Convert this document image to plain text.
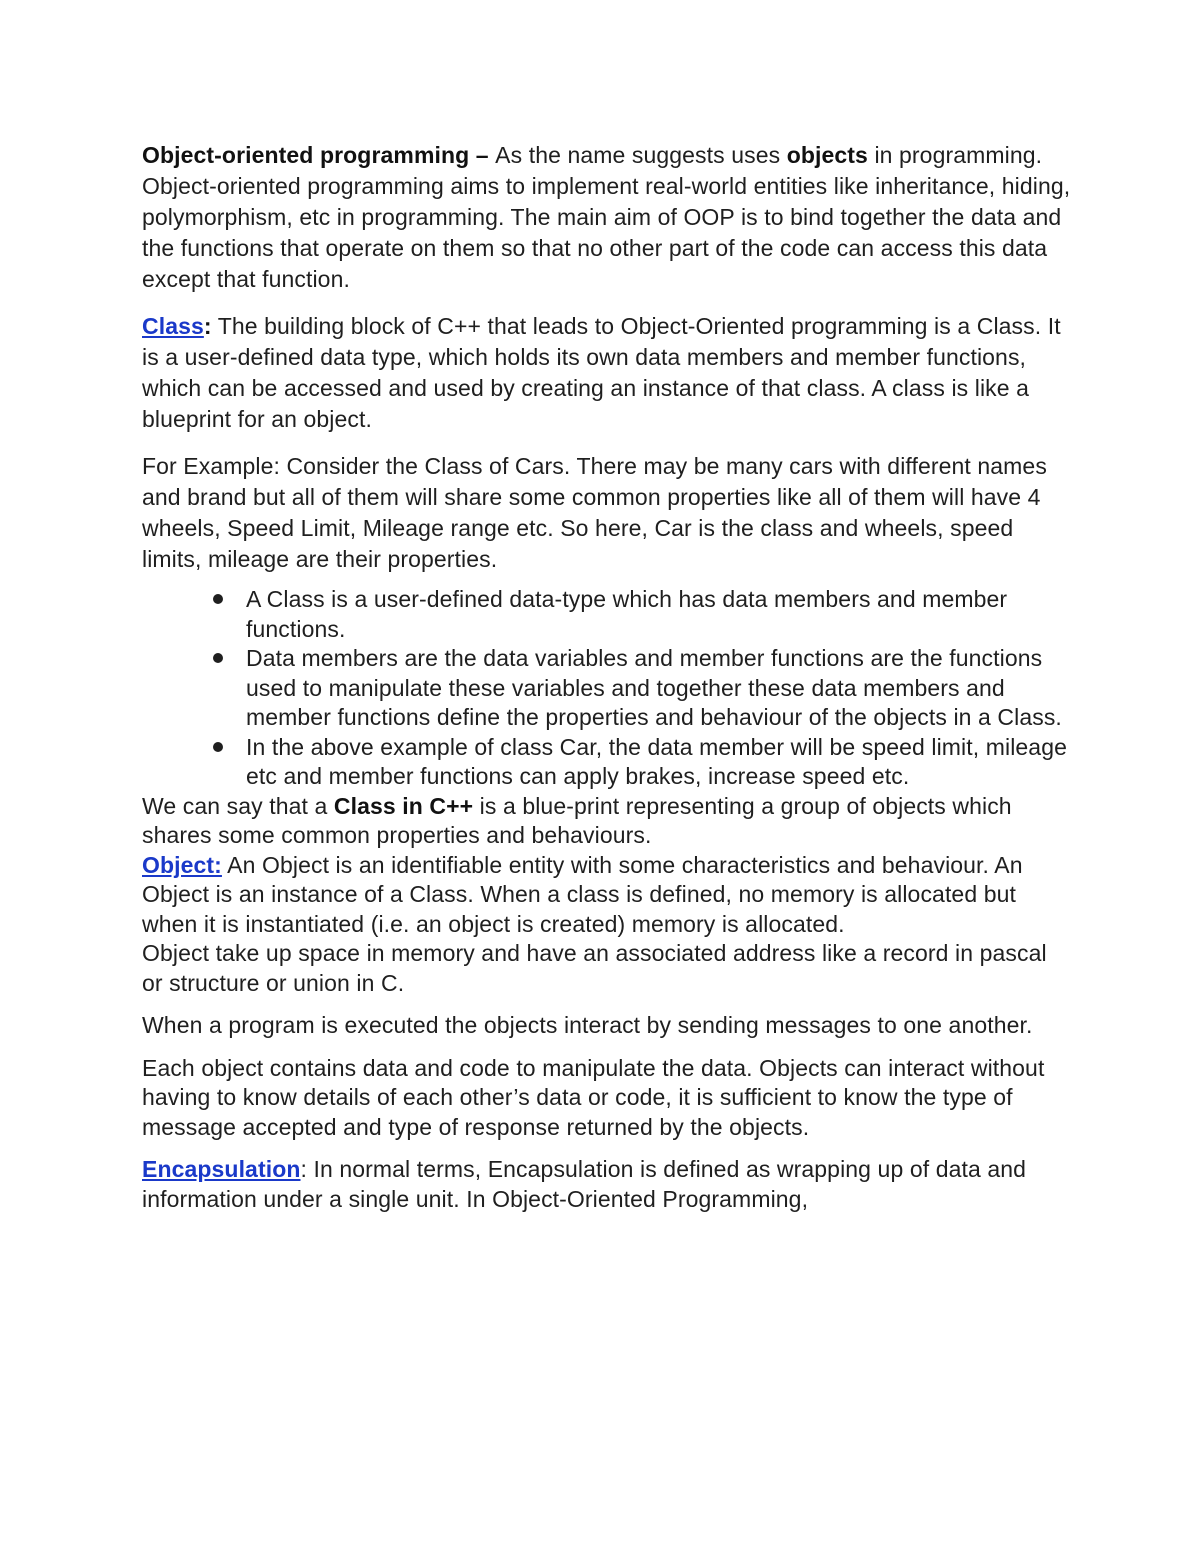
Object-oriented programming – As the name suggests uses objects in programming. Object-oriented programming aims to implement real-world entities like inheritance, hiding, polymorphism, etc in programming. The main aim of OOP is to bind together the data and the functions that operate on them so that no other part of the code can access this data except that function.

Class: The building block of C++ that leads to Object-Oriented programming is a Class. It is a user-defined data type, which holds its own data members and member functions, which can be accessed and used by creating an instance of that class. A class is like a blueprint for an object.

For Example: Consider the Class of Cars. There may be many cars with different names and brand but all of them will share some common properties like all of them will have 4 wheels, Speed Limit, Mileage range etc. So here, Car is the class and wheels, speed limits, mileage are their properties.

A Class is a user-defined data-type which has data members and member functions.
Data members are the data variables and member functions are the functions used to manipulate these variables and together these data members and member functions define the properties and behaviour of the objects in a Class.
In the above example of class Car, the data member will be speed limit, mileage etc and member functions can apply brakes, increase speed etc.

We can say that a Class in C++ is a blue-print representing a group of objects which shares some common properties and behaviours.

Object: An Object is an identifiable entity with some characteristics and behaviour. An Object is an instance of a Class. When a class is defined, no memory is allocated but when it is instantiated (i.e. an object is created) memory is allocated.

Object take up space in memory and have an associated address like a record in pascal or structure or union in C.

When a program is executed the objects interact by sending messages to one another.

Each object contains data and code to manipulate the data. Objects can interact without having to know details of each other’s data or code, it is sufficient to know the type of message accepted and type of response returned by the objects.

Encapsulation: In normal terms, Encapsulation is defined as wrapping up of data and information under a single unit. In Object-Oriented Programming,
